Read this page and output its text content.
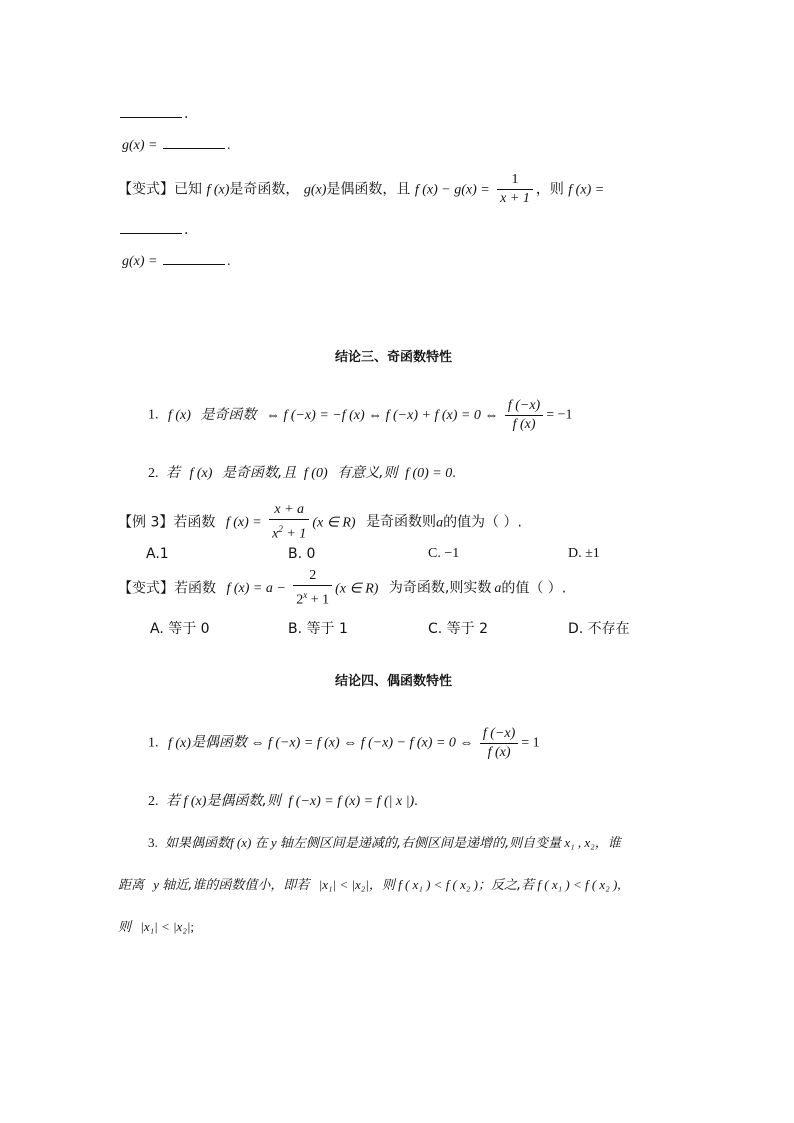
.
g(x) =	.
【变式】已知 f (x)是奇函数， g(x)是偶函数，且 f $(x) - g(x) = \frac{1}{x + 1}$ ，则 f (x) =
.
g(x) =	.
结论三、奇函数特性
1. f (x) 是奇函数 ⇔ f (−x) = −f (x) ⇔ f (−x) + f (x) = 0 ⇔ $\frac{f (-x)}{f (x)} = -1$
2. 若 f (x) 是奇函数,且 f (0) 有意义,则 f (0) = 0.
【例 3】若函数 f $(x) = \frac{x + a}{x^2 + 1} (x$ ∈ R) 是奇函数则a的值为（ ）.
A.1	B. 0	C. −1	D. ±1
【变式】若函数 f $(x) = a - \frac{2}{2^x + 1} (x$ ∈ R) 为奇函数,则实数 a的值（ ）.
A. 等于 0	B. 等于 1	C. 等于 2	D. 不存在
结论四、偶函数特性
1. f (x)是偶函数 ⇔ f (−x) = f (x) ⇔ f (−x) − f (x) = 0 ⇔ $\frac{f (-x)}{f (x)} = 1$
2. 若 f (x)是偶函数,则 f (−x) = f (x) = f (| x |).
3. 如果偶函数f (x) 在 y 轴左侧区间是递减的,右侧区间是递增的,则自变量 x₁ , x₂，谁
距离 y 轴近,谁的函数值小，即若 |x₁| < |x₂|，则 f ( x₁ ) < f ( x₂ )；反之,若 f ( x₁ ) < f ( x₂ ),
则 |x₁| < |x₂|;
